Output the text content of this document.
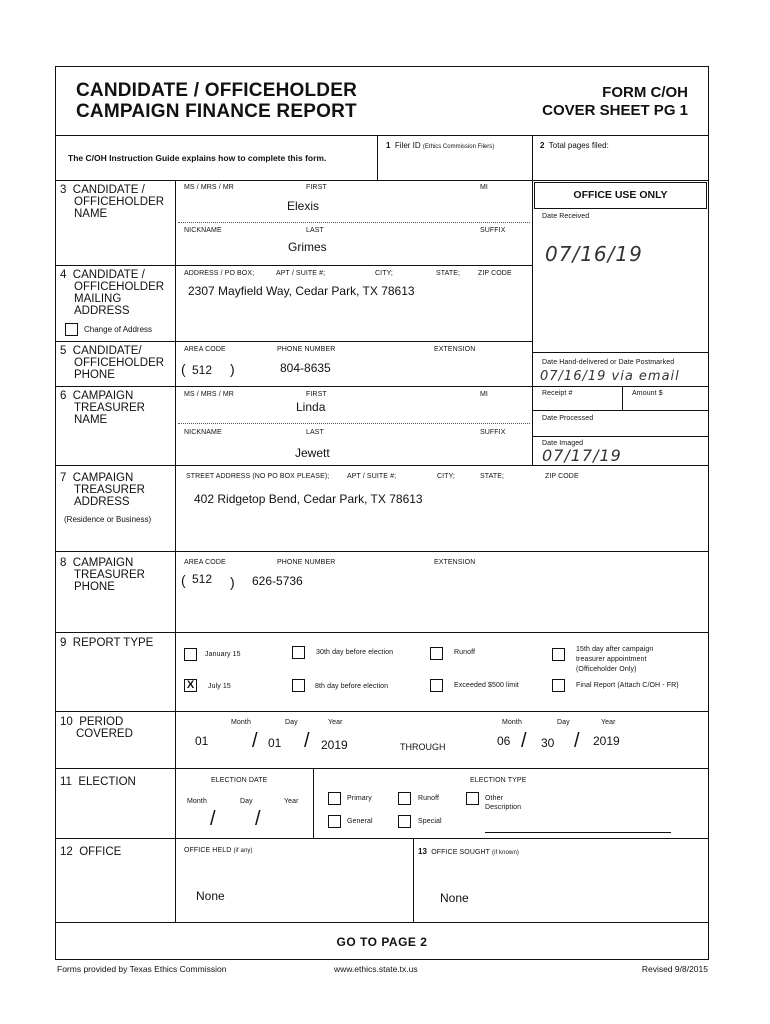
CANDIDATE / OFFICEHOLDER
CAMPAIGN FINANCE REPORT
FORM C/OH
COVER SHEET PG 1
The C/OH Instruction Guide explains how to complete this form.
1 Filer ID (Ethics Commission Filers)	2 Total pages filed:
OFFICE USE ONLY
Date Received
07/16/19
Date Hand-delivered or Date Postmarked
07/16/19 via email
Receipt #	Amount $
Date Processed
Date Imaged
07/17/19
3 CANDIDATE /
OFFICEHOLDER
NAME
MS / MRS / MR	FIRST	MI
Elexis
NICKNAME	LAST	SUFFIX
Grimes
4 CANDIDATE /
OFFICEHOLDER
MAILING
ADDRESS
Change of Address
ADDRESS / PO BOX;	APT / SUITE #;	CITY;	STATE;	ZIP CODE
2307 Mayfield Way, Cedar Park, TX 78613
5 CANDIDATE/
OFFICEHOLDER
PHONE
AREA CODE	PHONE NUMBER	EXTENSION
( 512 )	804-8635
6 CAMPAIGN
TREASURER
NAME
MS / MRS / MR	FIRST	MI
Linda
NICKNAME	LAST	SUFFIX
Jewett
7 CAMPAIGN
TREASURER
ADDRESS
(Residence or Business)
STREET ADDRESS (NO PO BOX PLEASE);	APT / SUITE #;	CITY;	STATE;	ZIP CODE
402 Ridgetop Bend, Cedar Park, TX 78613
8 CAMPAIGN
TREASURER
PHONE
AREA CODE	PHONE NUMBER	EXTENSION
( 512 ) 626-5736
9 REPORT TYPE
January 15	30th day before election	Runoff	15th day after campaign
treasurer appointment
(Officeholder Only)
X	July 15	8th day before election	Exceeded $500 limit	Final Report (Attach C/OH - FR)
10 PERIOD
COVERED
Month	Day	Year
01 / 01 / 2019	THROUGH
Month	Day	Year
06 / 30 / 2019
11 ELECTION	ELECTION DATE
Month	Day	Year
/ /
ELECTION TYPE
Primary	Runoff	Other
Description
General	Special
12 OFFICE	OFFICE HELD (if any)
None
13 OFFICE SOUGHT (if known)
None
GO TO PAGE 2
Forms provided by Texas Ethics Commission	www.ethics.state.tx.us	Revised 9/8/2015
